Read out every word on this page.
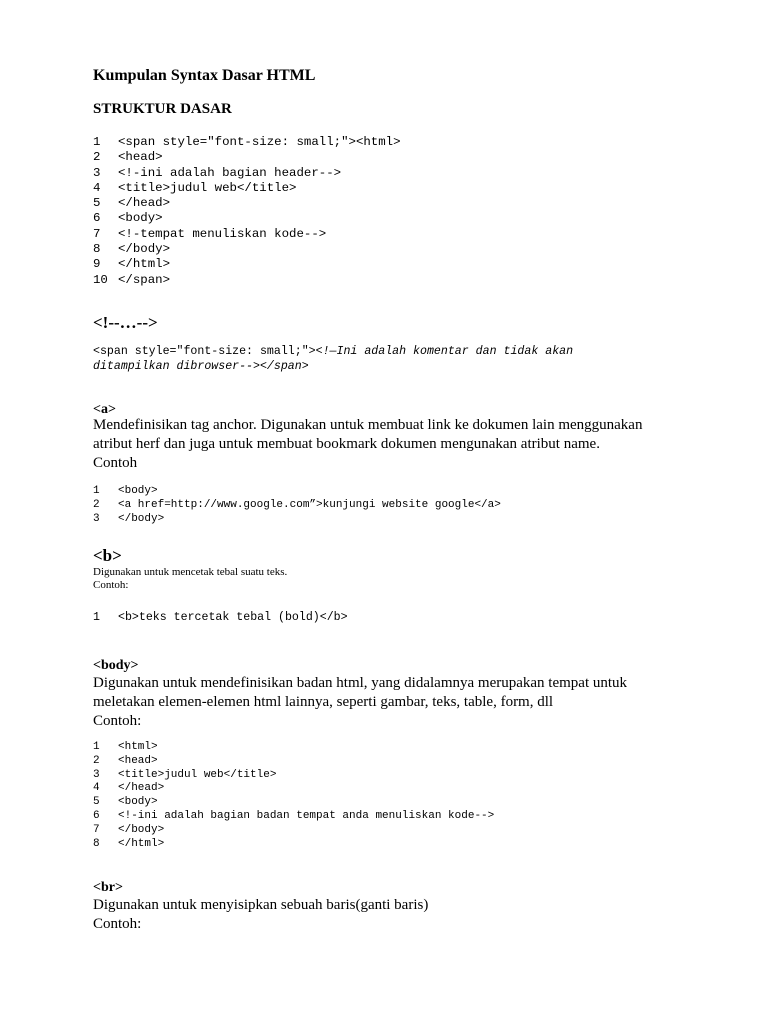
Kumpulan Syntax Dasar HTML
STRUKTUR DASAR
1 <span style="font-size: small;"><html>
2 <head>
3 <!-ini adalah bagian header-->
4 <title>judul web</title>
5 </head>
6 <body>
7 <!-tempat menuliskan kode-->
8 </body>
9 </html>
10 </span>
<!--…-->
<span style="font-size: small;"><!—Ini adalah komentar dan tidak akan
ditampilkan dibrowser--></span>
<a>
Mendefinisikan tag anchor. Digunakan untuk membuat link ke dokumen lain menggunakan
atribut herf dan juga untuk membuat bookmark dokumen mengunakan atribut name.
Contoh
1 <body>
2 <a href=http://www.google.com”>kunjungi website google</a>
3 </body>
<b>
Digunakan untuk mencetak tebal suatu teks.
Contoh:
1 <b>teks tercetak tebal (bold)</b>
<body>
Digunakan untuk mendefinisikan badan html, yang didalamnya merupakan tempat untuk
meletakan elemen-elemen html lainnya, seperti gambar, teks, table, form, dll
Contoh:
1 <html>
2 <head>
3 <title>judul web</title>
4 </head>
5 <body>
6 <!-ini adalah bagian badan tempat anda menuliskan kode-->
7 </body>
8 </html>
<br>
Digunakan untuk menyisipkan sebuah baris(ganti baris)
Contoh:
